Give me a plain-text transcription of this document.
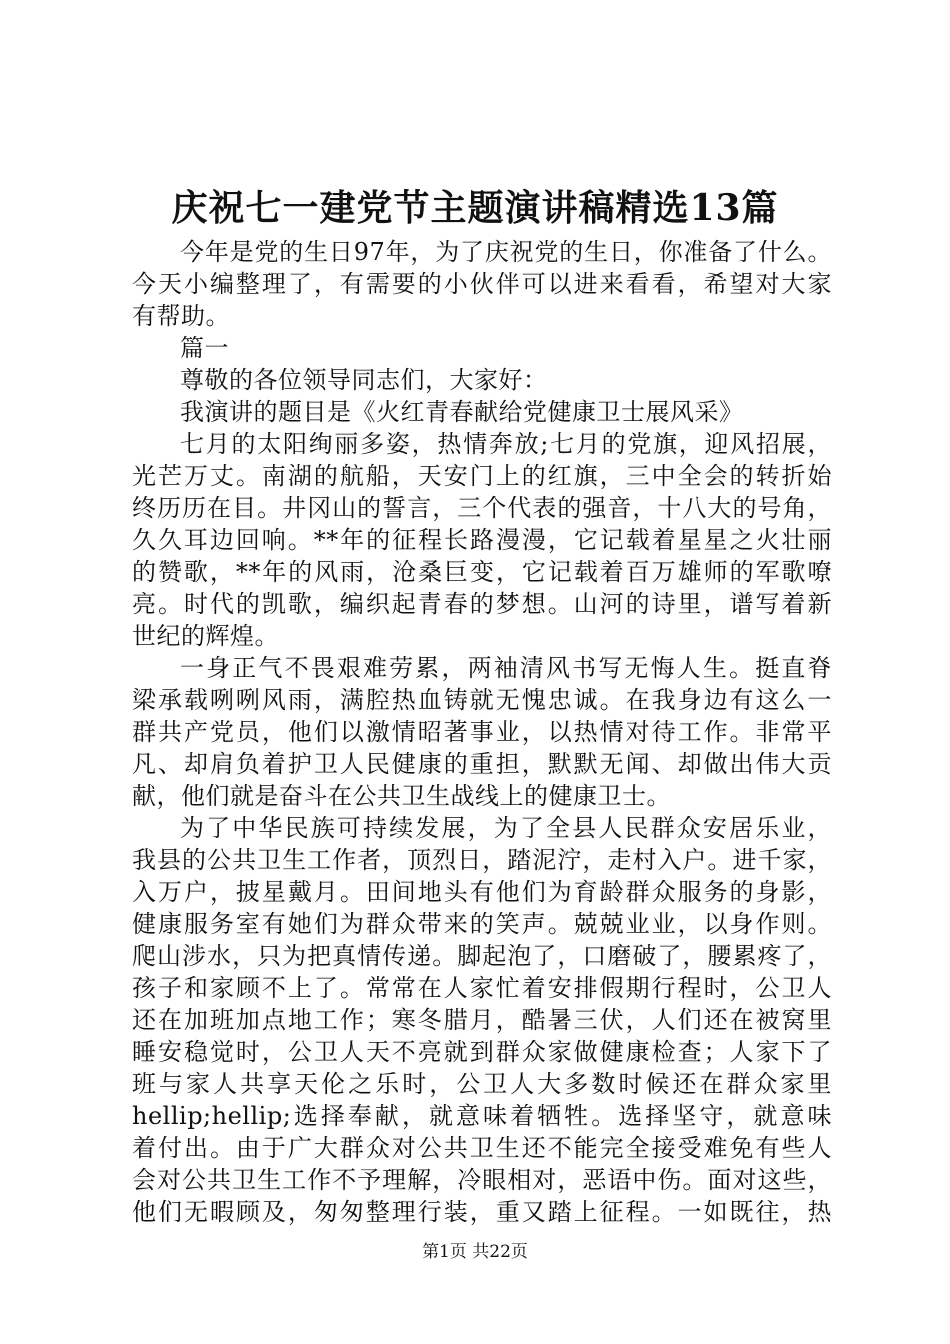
庆祝七一建党节主题演讲稿精选13篇
今年是党的生日97年，为了庆祝党的生日，你准备了什么。
今天小编整理了，有需要的小伙伴可以进来看看，希望对大家
有帮助。
篇一
尊敬的各位领导同志们，大家好：
我演讲的题目是《火红青春献给党健康卫士展风采》
七月的太阳绚丽多姿，热情奔放;七月的党旗，迎风招展，
光芒万丈。南湖的航船，天安门上的红旗，三中全会的转折始
终历历在目。井冈山的誓言，三个代表的强音，十八大的号角，
久久耳边回响。**年的征程长路漫漫，它记载着星星之火壮丽
的赞歌，**年的风雨，沧桑巨变，它记载着百万雄师的军歌嘹
亮。时代的凯歌，编织起青春的梦想。山河的诗里，谱写着新
世纪的辉煌。
一身正气不畏艰难劳累，两袖清风书写无悔人生。挺直脊
梁承载咧咧风雨，满腔热血铸就无愧忠诚。在我身边有这么一
群共产党员，他们以激情昭著事业，以热情对待工作。非常平
凡、却肩负着护卫人民健康的重担，默默无闻、却做出伟大贡
献，他们就是奋斗在公共卫生战线上的健康卫士。
为了中华民族可持续发展，为了全县人民群众安居乐业，
我县的公共卫生工作者，顶烈日，踏泥泞，走村入户。进千家，
入万户，披星戴月。田间地头有他们为育龄群众服务的身影，
健康服务室有她们为群众带来的笑声。兢兢业业，以身作则。
爬山涉水，只为把真情传递。脚起泡了，口磨破了，腰累疼了，
孩子和家顾不上了。常常在人家忙着安排假期行程时，公卫人
还在加班加点地工作；寒冬腊月，酷暑三伏，人们还在被窝里
睡安稳觉时，公卫人天不亮就到群众家做健康检查；人家下了
班与家人共享天伦之乐时，公卫人大多数时候还在群众家里
hellip;hellip;选择奉献，就意味着牺牲。选择坚守，就意味
着付出。由于广大群众对公共卫生还不能完全接受难免有些人
会对公共卫生工作不予理解，冷眼相对，恶语中伤。面对这些，
他们无暇顾及，匆匆整理行装，重又踏上征程。一如既往，热
第1页 共22页
